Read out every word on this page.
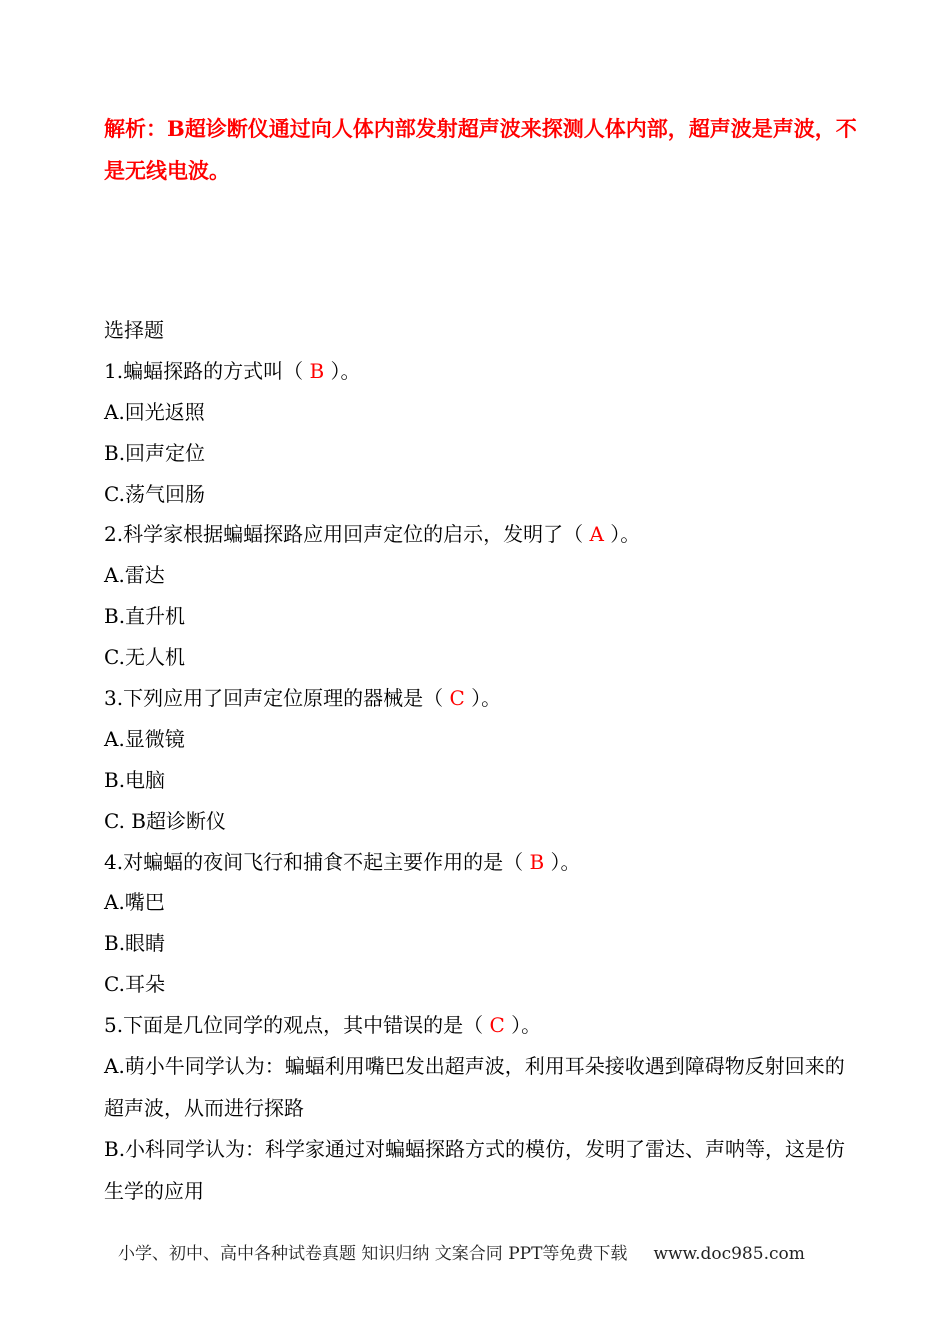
解析：B超诊断仪通过向人体内部发射超声波来探测人体内部，超声波是声波，不是无线电波。

选择题
1.蝙蝠探路的方式叫（ B ）。
A.回光返照
B.回声定位
C.荡气回肠
2.科学家根据蝙蝠探路应用回声定位的启示，发明了（ A ）。
A.雷达
B.直升机
C.无人机
3.下列应用了回声定位原理的器械是（ C ）。
A.显微镜
B.电脑
C. B超诊断仪
4.对蝙蝠的夜间飞行和捕食不起主要作用的是（ B ）。
A.嘴巴
B.眼睛
C.耳朵
5.下面是几位同学的观点，其中错误的是（ C ）。
A.萌小牛同学认为：蝙蝠利用嘴巴发出超声波，利用耳朵接收遇到障碍物反射回来的超声波，从而进行探路
B.小科同学认为：科学家通过对蝙蝠探路方式的模仿，发明了雷达、声呐等，这是仿生学的应用
小学、初中、高中各种试卷真题 知识归纳 文案合同 PPT等免费下载 www.doc985.com
